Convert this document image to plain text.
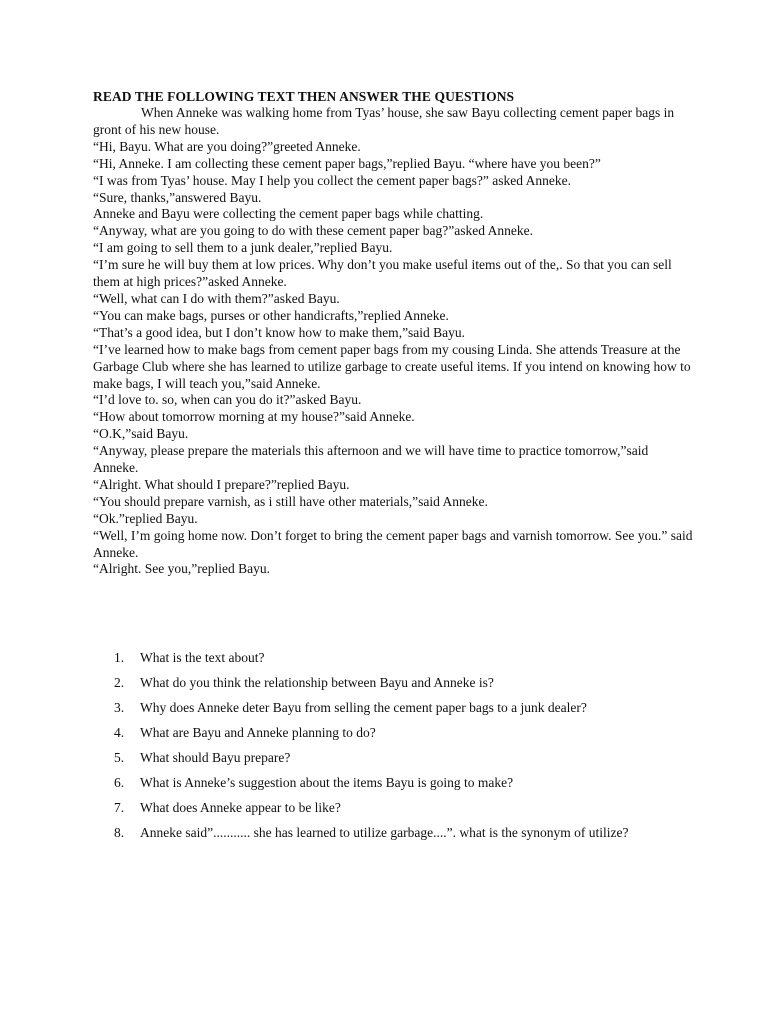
READ THE FOLLOWING TEXT THEN ANSWER THE QUESTIONS

When Anneke was walking home from Tyas’ house, she saw Bayu collecting cement paper bags in gront of his new house.

“Hi, Bayu. What are you doing?”greeted Anneke.

“Hi, Anneke. I am collecting these cement paper bags,”replied Bayu. “where have you been?”

“I was from Tyas’ house. May I help you collect the cement paper bags?” asked Anneke.

“Sure, thanks,”answered Bayu.

Anneke and Bayu were collecting the cement paper bags while chatting.

“Anyway, what are you going to do with these cement paper bag?”asked Anneke.

“I am going to sell them to a junk dealer,”replied Bayu.

“I’m sure he will buy them at low prices. Why don’t you make useful items out of the,. So that you can sell them at high prices?”asked Anneke.

“Well, what can I do with them?”asked Bayu.

“You can make bags, purses or other handicrafts,”replied Anneke.

“That’s a good idea, but I don’t know how to make them,”said Bayu.

“I’ve learned how to make bags from cement paper bags from my cousing Linda. She attends Treasure at the Garbage Club where she has learned to utilize garbage to create useful items. If you intend on knowing how to make bags, I will teach you,”said Anneke.

“I’d love to. so, when can you do it?”asked Bayu.

“How about tomorrow morning at my house?”said Anneke.

“O.K,”said Bayu.

“Anyway, please prepare the materials this afternoon and we will have time to practice tomorrow,”said Anneke.

“Alright. What should I prepare?”replied Bayu.

“You should prepare varnish, as i still have other materials,”said Anneke.

“Ok.”replied Bayu.

“Well, I’m going home now. Don’t forget to bring the cement paper bags and varnish tomorrow. See you.” said Anneke.

“Alright. See you,”replied Bayu.

1.	What is the text about?
2.	What do you think the relationship between Bayu and Anneke is?
3.	Why does Anneke deter Bayu from selling the cement paper bags to a junk dealer?
4.	What are Bayu and Anneke planning to do?
5.	What should Bayu prepare?
6.	What is Anneke’s suggestion about the items Bayu is going to make?
7.	What does Anneke appear to be like?
8.	Anneke said”........... she has learned to utilize garbage....”. what is the synonym of utilize?
